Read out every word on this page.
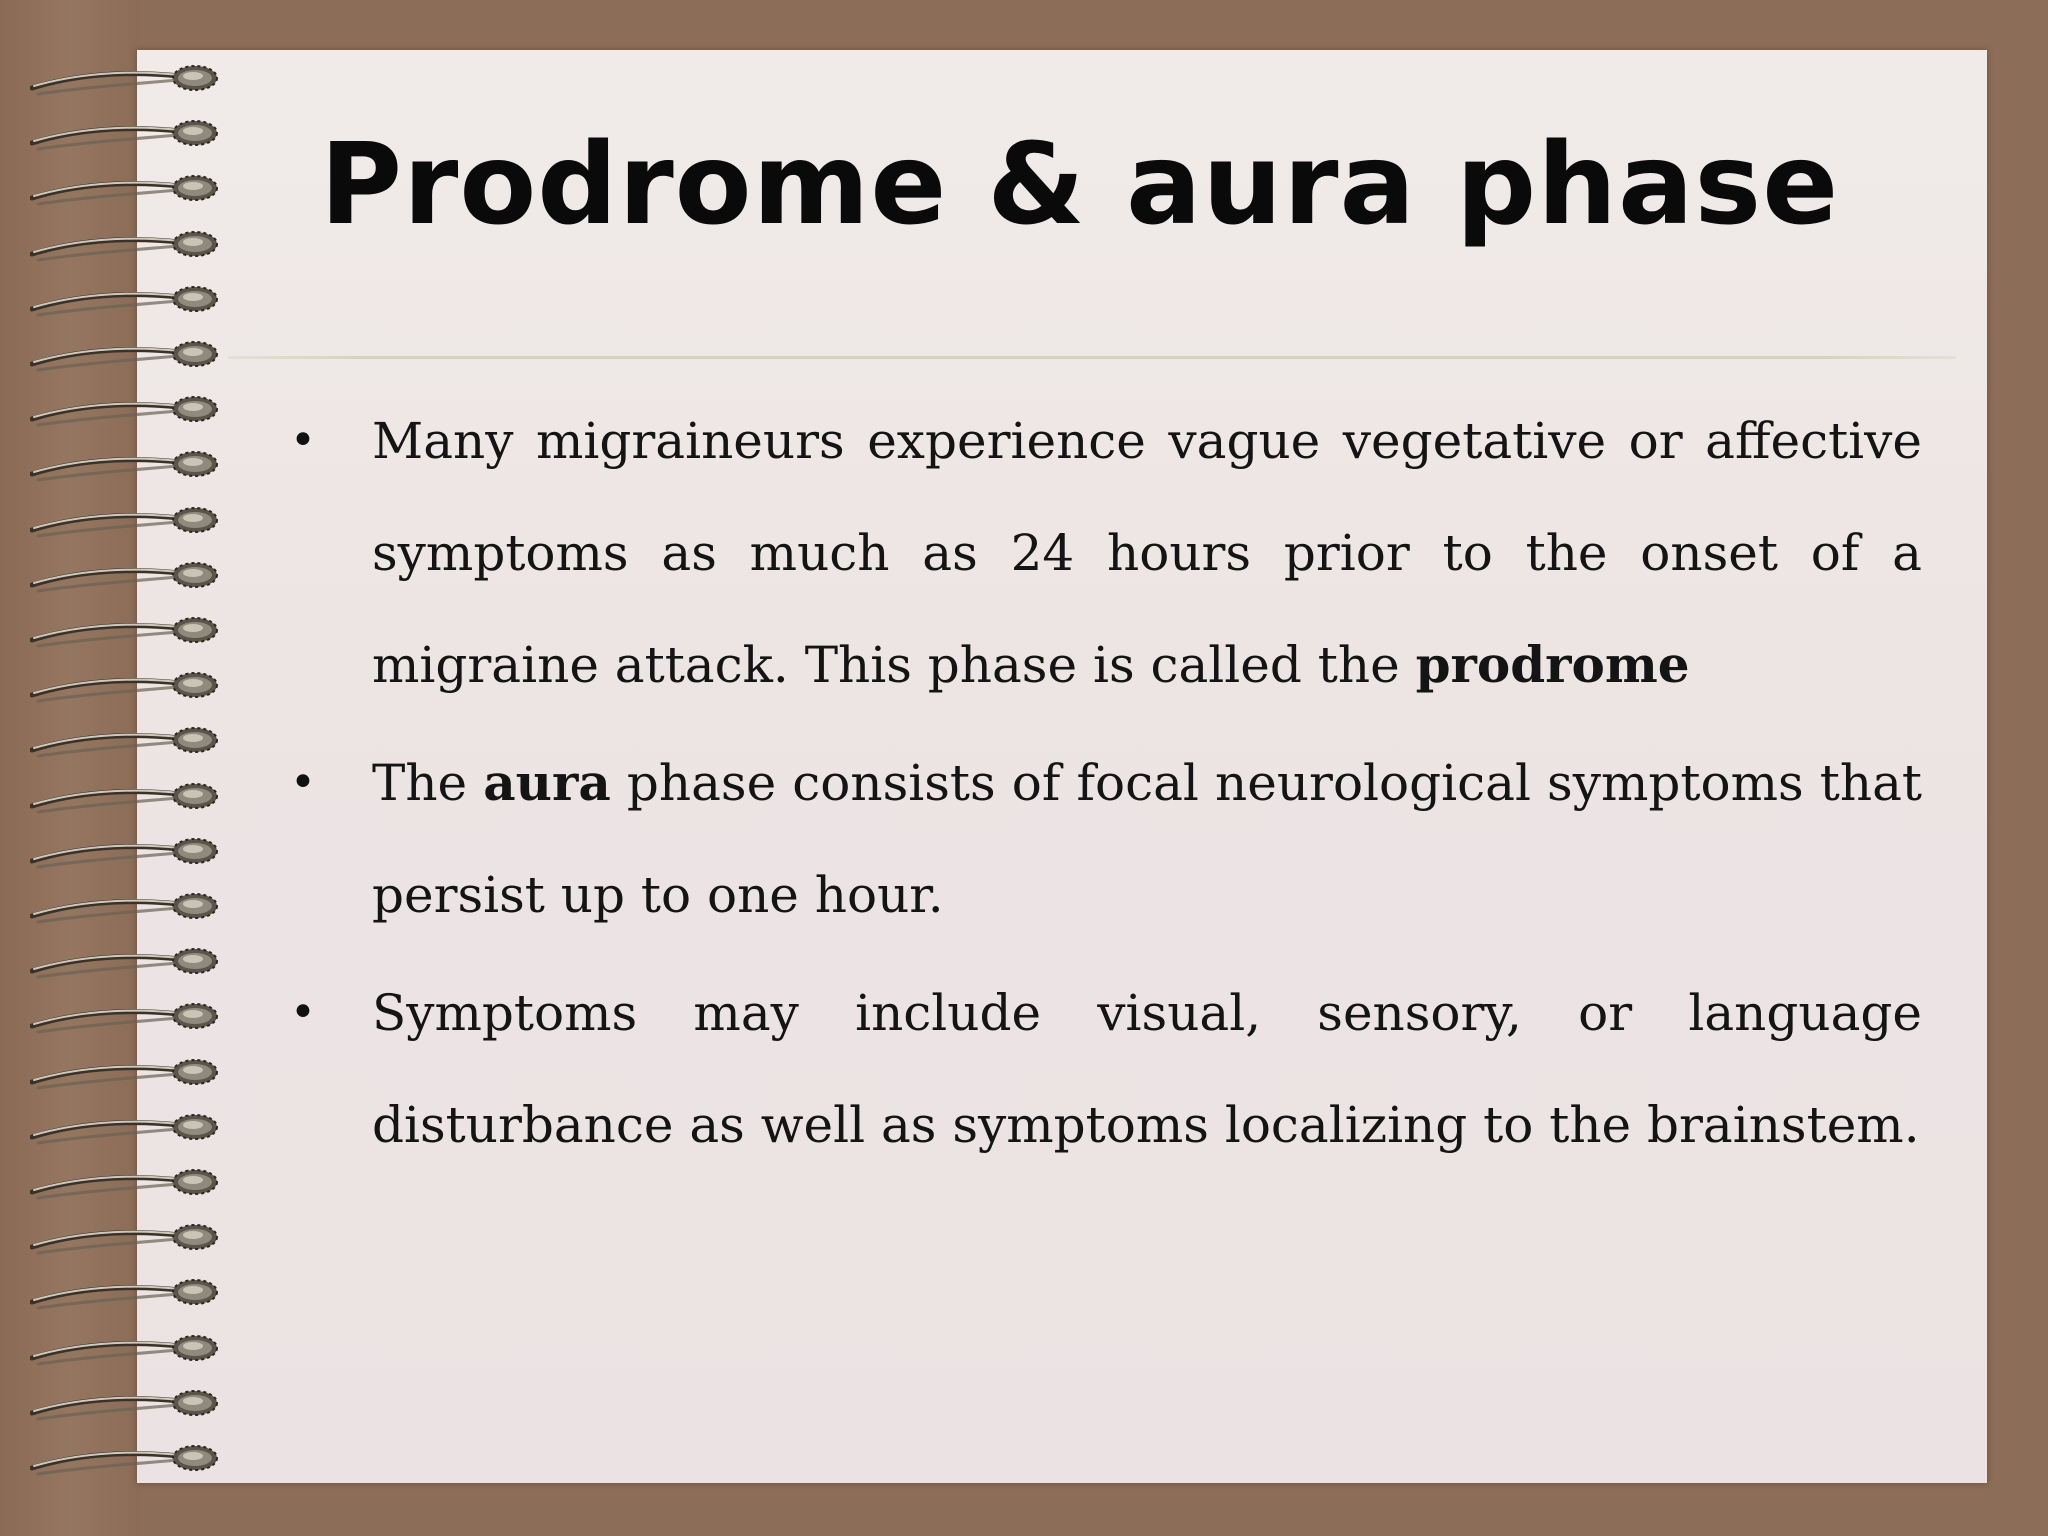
Prodrome & aura phase
• Many migraineurs experience vague vegetative or affective symptoms as much as 24 hours prior to the onset of a migraine attack. This phase is called the prodrome

• The aura phase consists of focal neurological symptoms that persist up to one hour.

• Symptoms may include visual, sensory, or language disturbance as well as symptoms localizing to the brainstem.
